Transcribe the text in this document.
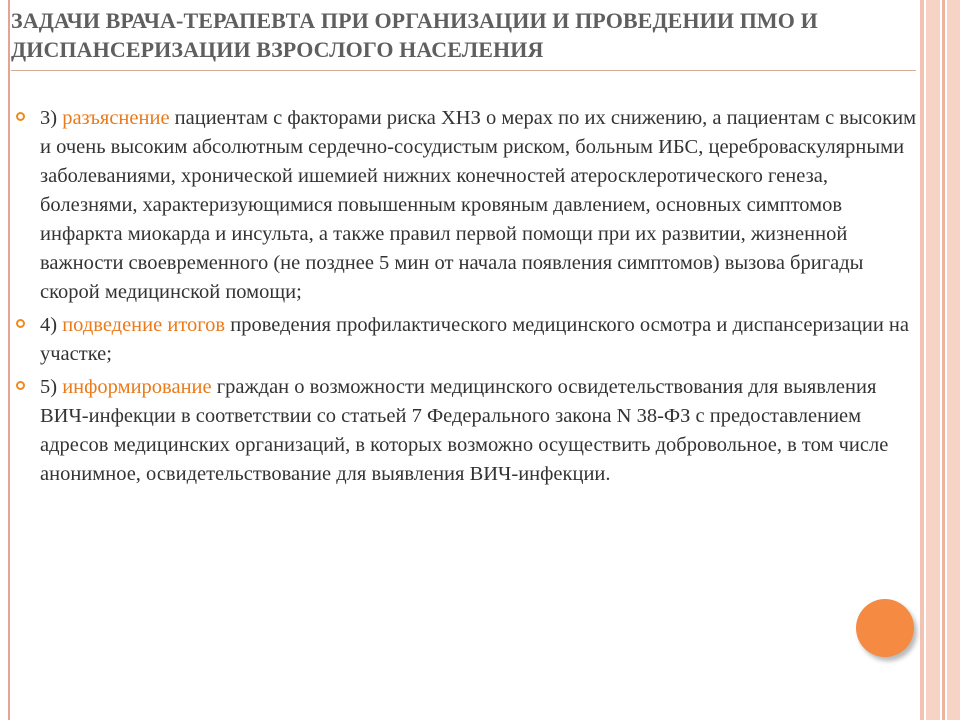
ЗАДАЧИ ВРАЧА-ТЕРАПЕВТА ПРИ ОРГАНИЗАЦИИ И ПРОВЕДЕНИИ ПМО И ДИСПАНСЕРИЗАЦИИ ВЗРОСЛОГО НАСЕЛЕНИЯ
3) разъяснение пациентам с факторами риска ХНЗ о мерах по их снижению, а пациентам с высоким и очень высоким абсолютным сердечно-сосудистым риском, больным ИБС, цереброваскулярными заболеваниями, хронической ишемией нижних конечностей атеросклеротического генеза, болезнями, характеризующимися повышенным кровяным давлением, основных симптомов инфаркта миокарда и инсульта, а также правил первой помощи при их развитии, жизненной важности своевременного (не позднее 5 мин от начала появления симптомов) вызова бригады скорой медицинской помощи;
4) подведение итогов проведения профилактического медицинского осмотра и диспансеризации на участке;
5) информирование граждан о возможности медицинского освидетельствования для выявления ВИЧ-инфекции в соответствии со статьей 7 Федерального закона N 38-ФЗ с предоставлением адресов медицинских организаций, в которых возможно осуществить добровольное, в том числе анонимное, освидетельствование для выявления ВИЧ-инфекции.
